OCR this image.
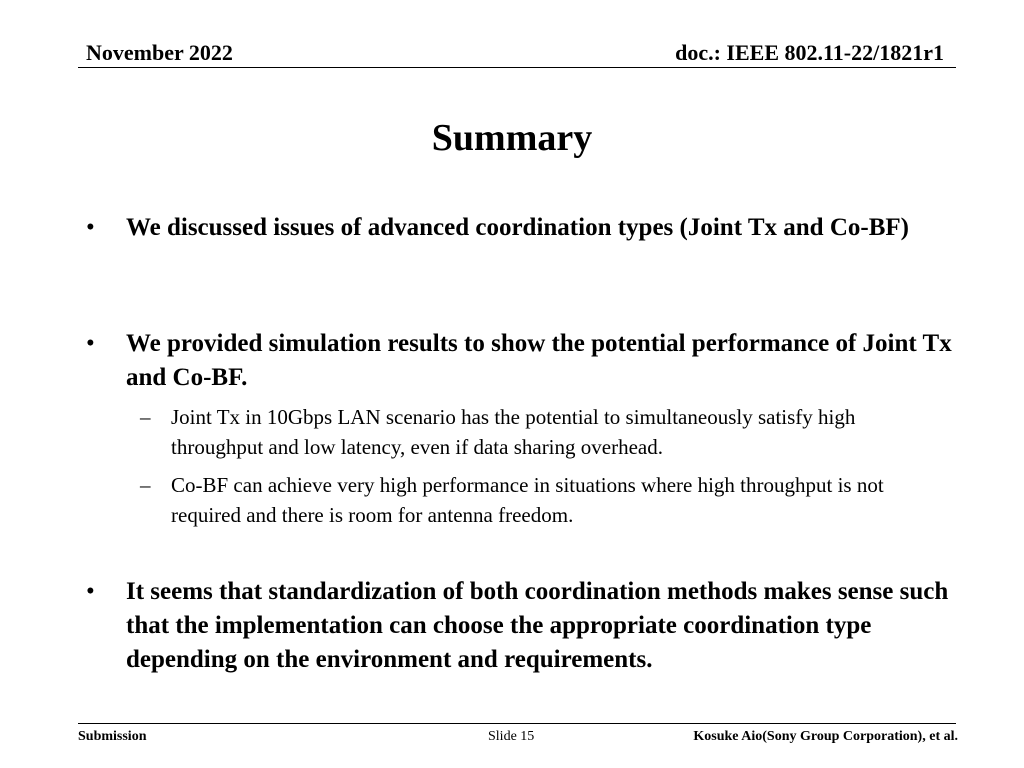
November 2022	doc.: IEEE 802.11-22/1821r1
Summary
•	We discussed issues of advanced coordination types (Joint Tx and Co-BF)
•	We provided simulation results to show the potential performance of Joint Tx and Co-BF.
– Joint Tx in 10Gbps LAN scenario has the potential to simultaneously satisfy high throughput and low latency, even if data sharing overhead.
– Co-BF can achieve very high performance in situations where high throughput is not required and there is room for antenna freedom.
•	It seems that standardization of both coordination methods makes sense such that the implementation can choose the appropriate coordination type depending on the environment and requirements.
Submission	Slide 15	Kosuke Aio(Sony Group Corporation), et al.
